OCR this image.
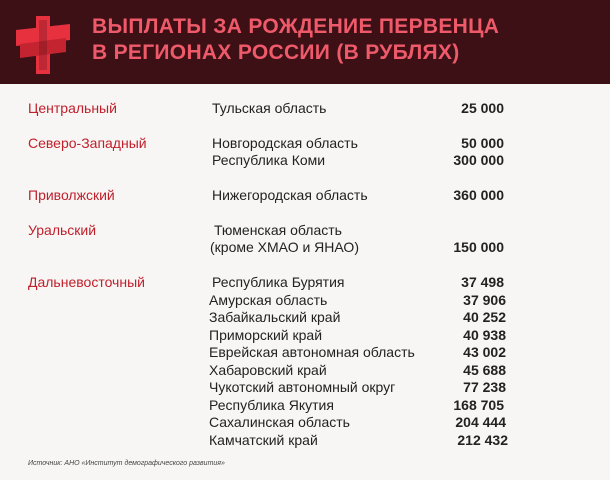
ВЫПЛАТЫ ЗА РОЖДЕНИЕ ПЕРВЕНЦА
В РЕГИОНАХ РОССИИ (В РУБЛЯХ)
Центральный	Тульская область	25 000
Северо-Западный	Новгородская область	50 000
Республика Коми	300 000
Приволжский	Нижегородская область	360 000
Уральский	Тюменская область
(кроме ХМАО и ЯНАО)	150 000
Дальневосточный	Республика Бурятия	37 498
Амурская область	37 906
Забайкальский край	40 252
Приморский край	40 938
Еврейская автономная область	43 002
Хабаровский край	45 688
Чукотский автономный округ	77 238
Республика Якутия	168 705
Сахалинская область	204 444
Камчатский край	212 432
Источник: АНО «Институт демографического развития»
